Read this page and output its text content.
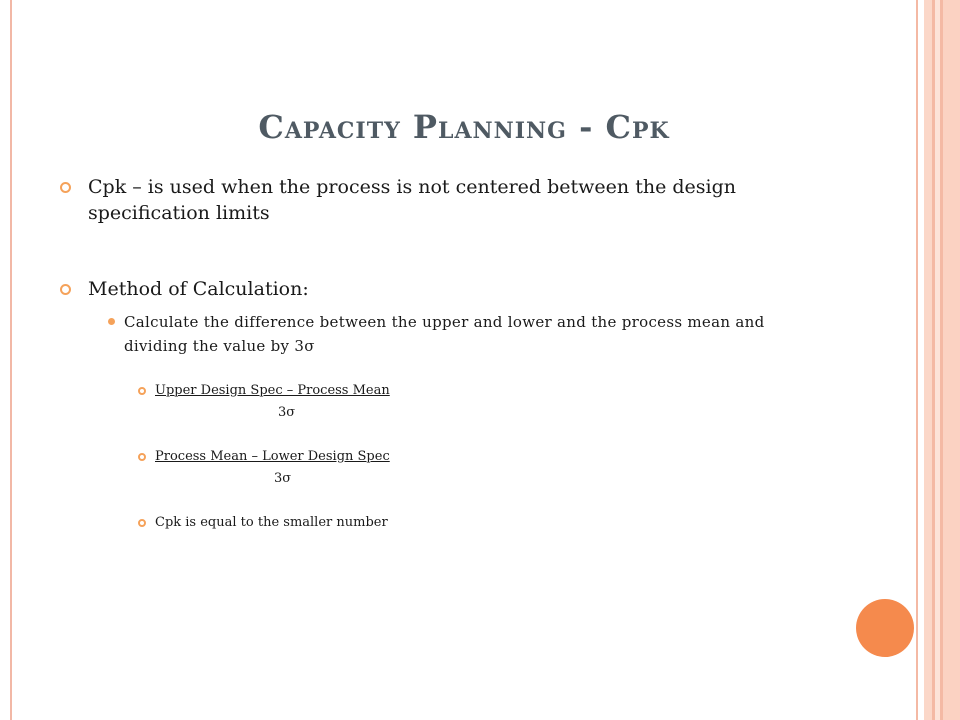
Capacity Planning - Cpk
Cpk – is used when the process is not centered between the design specification limits
Method of Calculation:
Calculate the difference between the upper and lower and the process mean and dividing the value by 3σ
Upper Design Spec – Process Mean
3σ
Process Mean – Lower Design Spec
3σ
Cpk is equal to the smaller number
